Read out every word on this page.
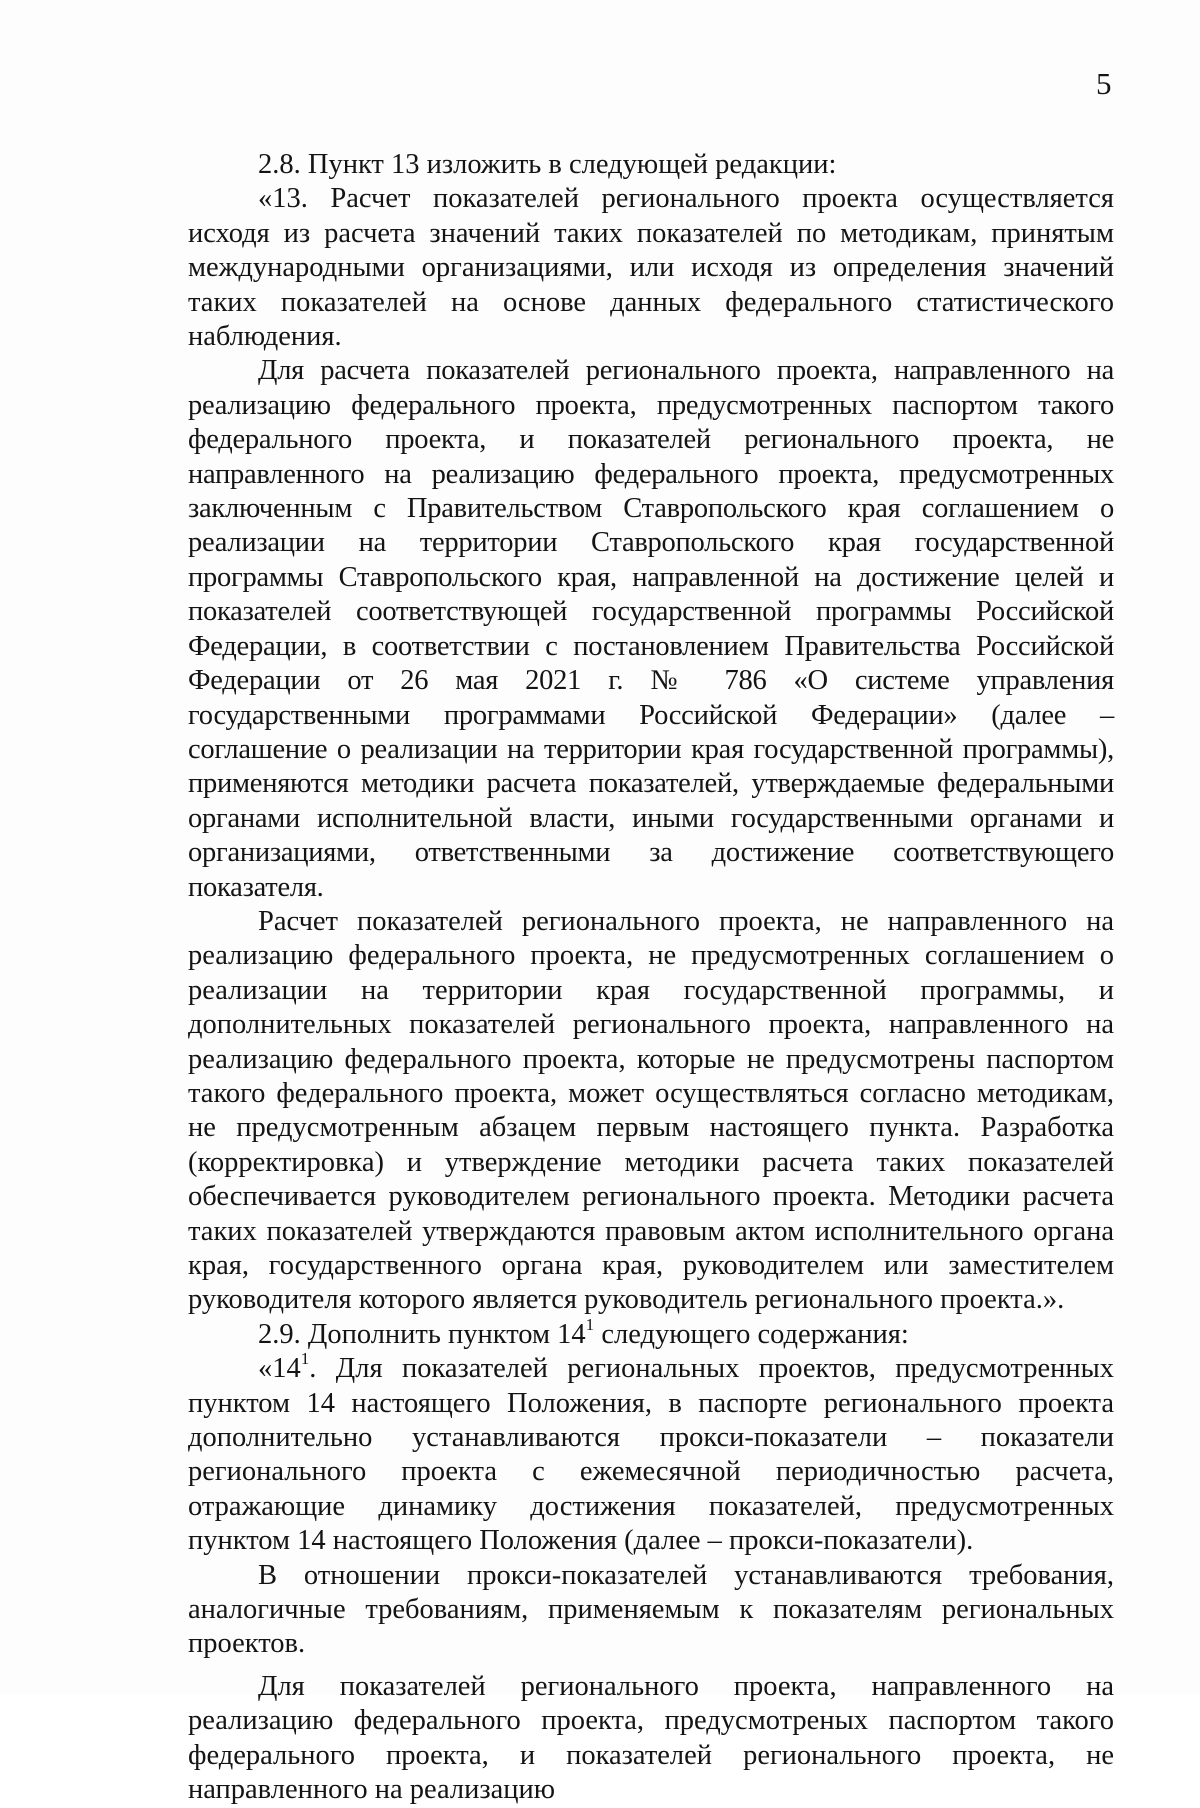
5

2.8. Пункт 13 изложить в следующей редакции:

«13. Расчет показателей регионального проекта осуществляется исходя из расчета значений таких показателей по методикам, принятым международными организациями, или исходя из определения значений таких показателей на основе данных федерального статистического наблюдения.

Для расчета показателей регионального проекта, направленного на реализацию федерального проекта, предусмотренных паспортом такого федерального проекта, и показателей регионального проекта, не направленного на реализацию федерального проекта, предусмотренных заключенным с Правительством Ставропольского края соглашением о реализации на территории Ставропольского края государственной программы Ставропольского края, направленной на достижение целей и показателей соответствующей государственной программы Российской Федерации, в соответствии с постановлением Правительства Российской Федерации от 26 мая 2021 г. № 786 «О системе управления государственными программами Российской Федерации» (далее – соглашение о реализации на территории края государственной программы), применяются методики расчета показателей, утверждаемые федеральными органами исполнительной власти, иными государственными органами и организациями, ответственными за достижение соответствующего показателя.

Расчет показателей регионального проекта, не направленного на реализацию федерального проекта, не предусмотренных соглашением о реализации на территории края государственной программы, и дополнительных показателей регионального проекта, направленного на реализацию федерального проекта, которые не предусмотрены паспортом такого федерального проекта, может осуществляться согласно методикам, не предусмотренным абзацем первым настоящего пункта. Разработка (корректировка) и утверждение методики расчета таких показателей обеспечивается руководителем регионального проекта. Методики расчета таких показателей утверждаются правовым актом исполнительного органа края, государственного органа края, руководителем или заместителем руководителя которого является руководитель регионального проекта.».

2.9. Дополнить пунктом $14^1$ следующего содержания:

«$14^1$. Для показателей региональных проектов, предусмотренных пунктом 14 настоящего Положения, в паспорте регионального проекта дополнительно устанавливаются прокси-показатели – показатели регионального проекта с ежемесячной периодичностью расчета, отражающие динамику достижения показателей, предусмотренных пунктом 14 настоящего Положения (далее – прокси-показатели).

В отношении прокси-показателей устанавливаются требования, аналогичные требованиям, применяемым к показателям региональных проектов.

Для показателей регионального проекта, направленного на реализацию федерального проекта, предусмотреных паспортом такого федерального проекта, и показателей регионального проекта, не направленного на реализацию
